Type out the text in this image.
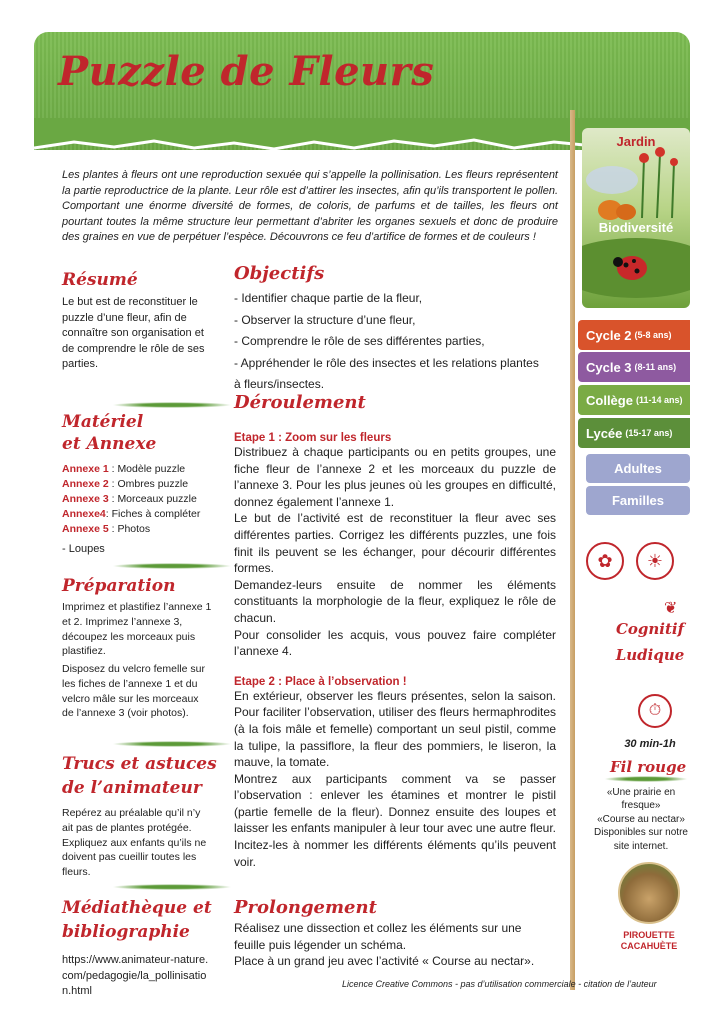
Puzzle de Fleurs

Les plantes à fleurs ont une reproduction sexuée qui s’appelle la pollinisation. Les fleurs représentent la partie reproductrice de la plante. Leur rôle est d’attirer les insectes, afin qu’ils transportent le pollen. Comportant une énorme diversité de formes, de coloris, de parfums et de tailles, les fleurs ont pourtant toutes la même structure leur permettant d’abriter les organes sexuels et donc de produire des graines en vue de perpétuer l’espèce. Découvrons ce feu d’artifice de formes et de couleurs !

Résumé

Le but est de reconstituer le puzzle d’une fleur, afin de connaître son organisation et de comprendre le rôle de ses parties.

Matériel
et Annexe
Annexe 1 : Modèle puzzle
Annexe 2 : Ombres puzzle
Annexe 3 : Morceaux puzzle
Annexe4: Fiches à compléter
Annexe 5 : Photos

- Loupes

Préparation

Imprimez et plastifiez l’annexe 1 et 2. Imprimez l’annexe 3, découpez les morceaux puis plastifiez.

Disposez du velcro femelle sur les fiches de l’annexe 1 et du velcro mâle sur les morceaux de l’annexe 3 (voir photos).

Trucs et astuces
de l’animateur

Repérez au préalable qu’il n’y ait pas de plantes protégée. Expliquez aux enfants qu’ils ne doivent pas cueillir toutes les fleurs.

Médiathèque et
bibliographie
https://www.animateur-nature.com/pedagogie/la_pollinisation.html
Objectifs
- Identifier chaque partie de la fleur,
- Observer la structure d’une fleur,
- Comprendre le rôle de ses différentes parties,
- Appréhender le rôle des insectes et les relations plantes
à fleurs/insectes.
Déroulement

Etape 1 : Zoom sur les fleurs

Distribuez à chaque participants ou en petits groupes, une fiche fleur de l’annexe 2 et les morceaux du puzzle de l’annexe 3. Pour les plus jeunes où les groupes en difficulté, donnez également l’annexe 1.

Le but de l’activité est de reconstituer la fleur avec ses différentes parties. Corrigez les différents puzzles, une fois finit ils peuvent se les échanger, pour décourir différentes formes.

Demandez-leurs ensuite de nommer les éléments constituants la morphologie de la fleur, expliquez le rôle de chacun.

Pour consolider les acquis, vous pouvez faire compléter l’annexe 4.

Etape 2 : Place à l’observation !

En extérieur, observer les fleurs présentes, selon la saison. Pour faciliter l’observation, utiliser des fleurs hermaphrodites (à la fois mâle et femelle) comportant un seul pistil, comme la tulipe, la passiflore, la fleur des pommiers, le liseron, la mauve, la tomate.

Montrez aux participants comment va se passer l’observation : enlever les étamines et montrer le pistil (partie femelle de la fleur). Donnez ensuite des loupes et laisser les enfants manipuler à leur tour avec une autre fleur. Incitez-les à nommer les différents éléments qu’ils peuvent voir.

Prolongement

Réalisez une dissection et collez les éléments sur une feuille puis légender un schéma.

Place à un grand jeu avec l’activité « Course au nectar».

Jardin
Biodiversité
Cycle 2 (5-8 ans)
Cycle 3 (8-11 ans)
Collège (11-14 ans)
Lycée (15-17 ans)
Adultes
Familles
✿	☀
❦
Cognitif
Ludique
⏱
30 min-1h
Fil rouge

«Une prairie en fresque»

«Course au nectar»

Disponibles sur notre site internet.

PIROUETTE
CACAHUÈTE
Licence Creative Commons - pas d’utilisation commerciale - citation de l’auteur
